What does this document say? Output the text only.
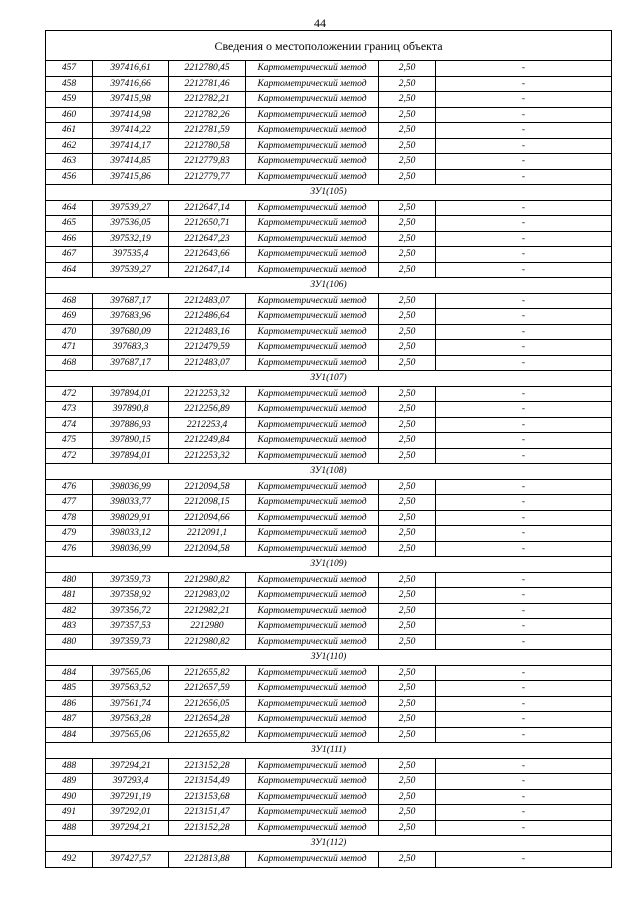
44
Сведения о местоположении границ объекта
457	397416,61	2212780,45	Картометрический метод	2,50	-
458	397416,66	2212781,46	Картометрический метод	2,50	-
459	397415,98	2212782,21	Картометрический метод	2,50	-
460	397414,98	2212782,26	Картометрический метод	2,50	-
461	397414,22	2212781,59	Картометрический метод	2,50	-
462	397414,17	2212780,58	Картометрический метод	2,50	-
463	397414,85	2212779,83	Картометрический метод	2,50	-
456	397415,86	2212779,77	Картометрический метод	2,50	-
ЗУ1(105)
464	397539,27	2212647,14	Картометрический метод	2,50	-
465	397536,05	2212650,71	Картометрический метод	2,50	-
466	397532,19	2212647,23	Картометрический метод	2,50	-
467	397535,4	2212643,66	Картометрический метод	2,50	-
464	397539,27	2212647,14	Картометрический метод	2,50	-
ЗУ1(106)
468	397687,17	2212483,07	Картометрический метод	2,50	-
469	397683,96	2212486,64	Картометрический метод	2,50	-
470	397680,09	2212483,16	Картометрический метод	2,50	-
471	397683,3	2212479,59	Картометрический метод	2,50	-
468	397687,17	2212483,07	Картометрический метод	2,50	-
ЗУ1(107)
472	397894,01	2212253,32	Картометрический метод	2,50	-
473	397890,8	2212256,89	Картометрический метод	2,50	-
474	397886,93	2212253,4	Картометрический метод	2,50	-
475	397890,15	2212249,84	Картометрический метод	2,50	-
472	397894,01	2212253,32	Картометрический метод	2,50	-
ЗУ1(108)
476	398036,99	2212094,58	Картометрический метод	2,50	-
477	398033,77	2212098,15	Картометрический метод	2,50	-
478	398029,91	2212094,66	Картометрический метод	2,50	-
479	398033,12	2212091,1	Картометрический метод	2,50	-
476	398036,99	2212094,58	Картометрический метод	2,50	-
ЗУ1(109)
480	397359,73	2212980,82	Картометрический метод	2,50	-
481	397358,92	2212983,02	Картометрический метод	2,50	-
482	397356,72	2212982,21	Картометрический метод	2,50	-
483	397357,53	2212980	Картометрический метод	2,50	-
480	397359,73	2212980,82	Картометрический метод	2,50	-
ЗУ1(110)
484	397565,06	2212655,82	Картометрический метод	2,50	-
485	397563,52	2212657,59	Картометрический метод	2,50	-
486	397561,74	2212656,05	Картометрический метод	2,50	-
487	397563,28	2212654,28	Картометрический метод	2,50	-
484	397565,06	2212655,82	Картометрический метод	2,50	-
ЗУ1(111)
488	397294,21	2213152,28	Картометрический метод	2,50	-
489	397293,4	2213154,49	Картометрический метод	2,50	-
490	397291,19	2213153,68	Картометрический метод	2,50	-
491	397292,01	2213151,47	Картометрический метод	2,50	-
488	397294,21	2213152,28	Картометрический метод	2,50	-
ЗУ1(112)
492	397427,57	2212813,88	Картометрический метод	2,50	-
